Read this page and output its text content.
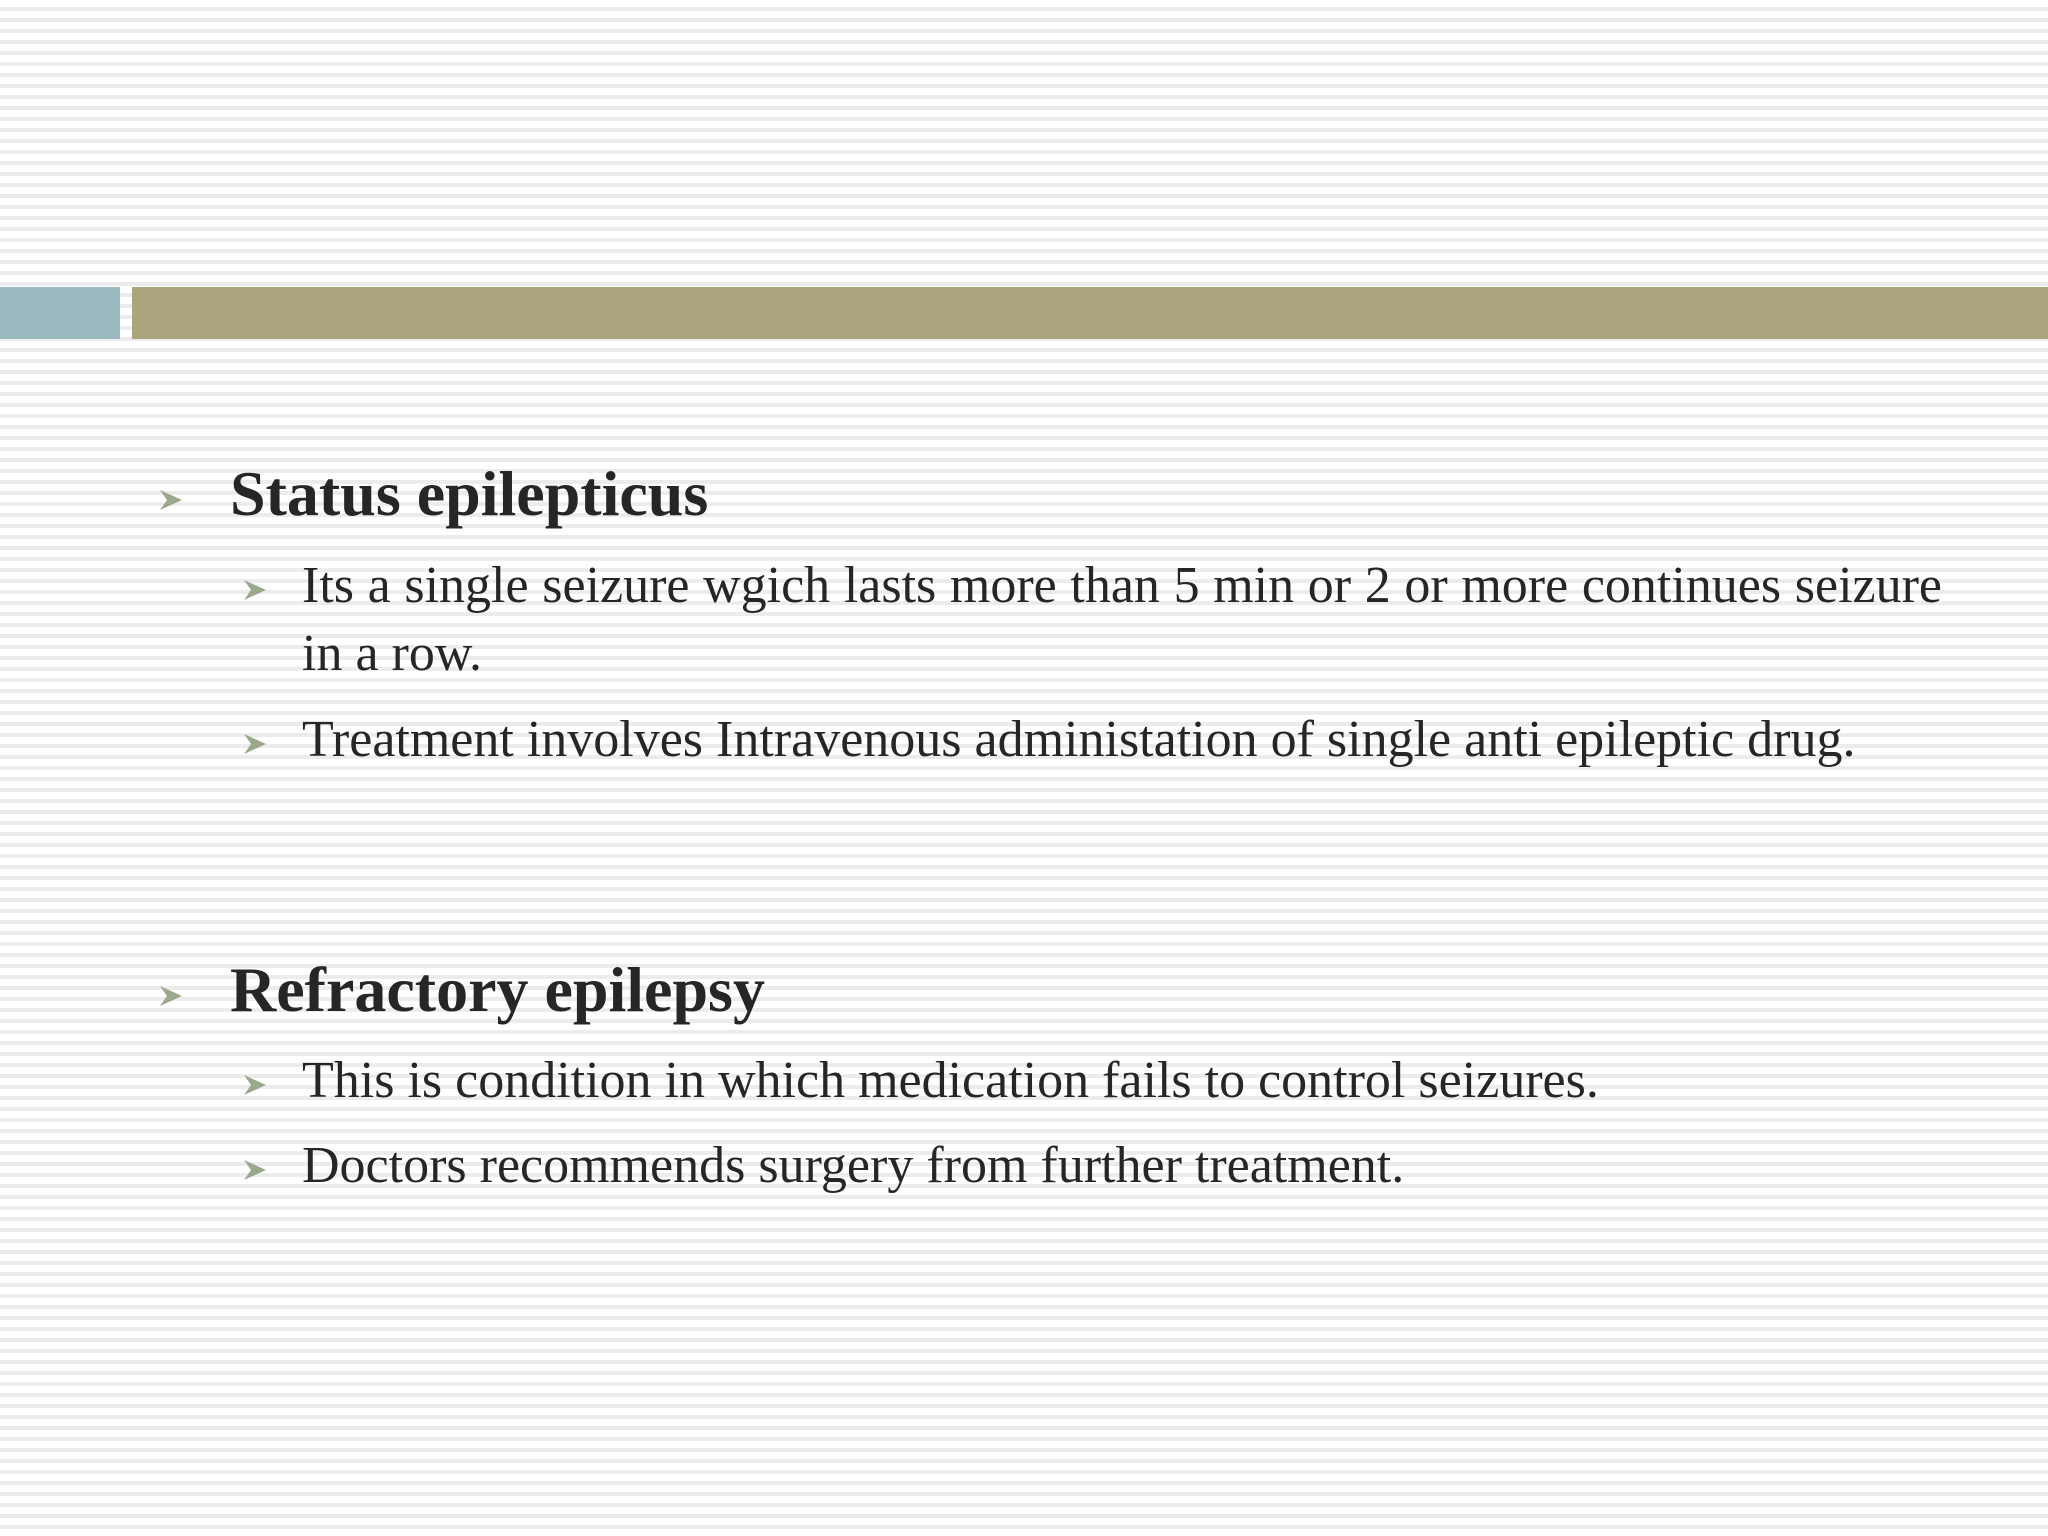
Status epilepticus
Its a single seizure wgich lasts more than 5 min or 2 or more continues seizure in a row.
Treatment involves Intravenous administation of single anti epileptic drug.
Refractory epilepsy
This is condition in which medication fails to control seizures.
Doctors recommends surgery from further treatment.
